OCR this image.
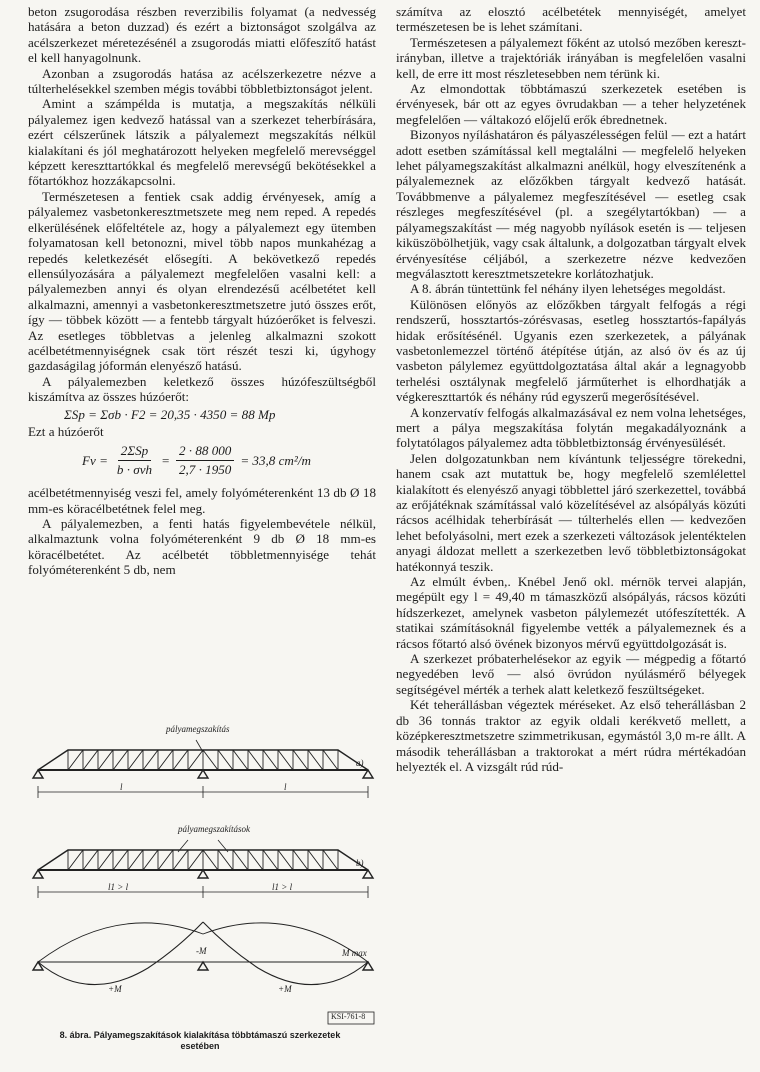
beton zsugorodása részben reverzibilis folyamat (a nedvesség hatására a beton duzzad) és ezért a biztonságot szolgálva az acélszerkezet méretezésénél a zsugorodás miatti előfeszítő hatást el kell hanyagolnunk.

Azonban a zsugorodás hatása az acélszerkezetre nézve a túlterhelésekkel szemben mégis további többletbiztonságot jelent.

Amint a számpélda is mutatja, a megszakítás nélküli pályalemez igen kedvező hatással van a szerkezet teherbírására, ezért célszerűnek látszik a pályalemezt megszakítás nélkül kialakítani és jól meghatározott helyeken megfelelő merevséggel képzett kereszttartókkal és megfelelő merevségű bekötésekkel a főtartókhoz hozzákapcsolni.

Természetesen a fentiek csak addig érvényesek, amíg a pályalemez vasbetonkeresztmetszete meg nem reped. A repedés elkerülésének előfeltétele az, hogy a pályalemezt egy ütemben folyamatosan kell betonozni, mivel több napos munkahézag a repedés keletkezését elősegíti. A bekövetkező repedés ellensúlyozására a pályalemezt megfelelően vasalni kell: a pályalemezben annyi és olyan elrendezésű acélbetétet kell alkalmazni, amennyi a vasbetonkeresztmetszetre jutó összes erőt, így — többek között — a fentebb tárgyalt húzóerőket is felveszi. Az esetleges többletvas a jelenleg alkalmazni szokott acélbetétmennyiségnek csak tört részét teszi ki, úgyhogy gazdaságilag jóformán elenyésző hatású.

A pályalemezben keletkező összes húzófeszültségből kiszámítva az összes húzóerőt:

ΣSp = Σσb · F2 = 20,35 · 4350 = 88 Mp

Ezt a húzóerőt

$Fv = \frac{\text{2ΣSp}}{\text{b · σvh}} = \frac{2 \cdot 88 000}{2,7 \cdot 1950} = 33,8$ cm²/m

acélbetétmennyiség veszi fel, amely folyóméterenként 13 db Ø 18 mm-es köracélbetétnek felel meg.

A pályalemezben, a fenti hatás figyelembevétele nélkül, alkalmaztunk volna folyóméterenként 9 db Ø 18 mm-es köracélbetétet. Az acélbetét többletmennyisége tehát folyóméterenként 5 db, nem

számítva az elosztó acélbetétek mennyiségét, amelyet természetesen be is lehet számítani.

Természetesen a pályalemezt főként az utolsó mezőben keresztirányban, illetve a trajektóriák irányában is megfelelően vasalni kell, de erre itt most részletesebben nem térünk ki.

Az elmondottak többtámaszú szerkezetek esetében is érvényesek, bár ott az egyes övrudakban — a teher helyzetének megfelelően — váltakozó előjelű erők ébrednetnek.

Bizonyos nyíláshatáron és pályaszélességen felül — ezt a határt adott esetben számítással kell megtalálni — megfelelő helyeken lehet pályamegszakítást alkalmazni anélkül, hogy elveszítenénk a pályalemeznek az előzőkben tárgyalt kedvező hatását. Továbbmenve a pályalemez megfeszítésével — esetleg csak részleges megfeszítésével (pl. a szegélytartókban) — a pályamegszakítást — még nagyobb nyílások esetén is — teljesen kiküszöbölhetjük, vagy csak általunk, a dolgozatban tárgyalt elvek érvényesítése céljából, a szerkezetre nézve kedvezően megválasztott keresztmetszetekre korlátozhatjuk.

A 8. ábrán tüntettünk fel néhány ilyen lehetséges megoldást.

Különösen előnyös az előzőkben tárgyalt felfogás a régi rendszerű, hossztartós-zórésvasas, esetleg hossztartós-fapályás hidak erősítésénél. Ugyanis ezen szerkezetek, a pályának vasbetonlemezzel történő átépítése útján, az alsó öv és az új vasbeton pálylemez együttdolgoztatása által akár a legnagyobb terhelési osztálynak megfelelő járműterhet is elhordhatják a végkereszttartók és néhány rúd egyszerű megerősítésével.

A konzervatív felfogás alkalmazásával ez nem volna lehetséges, mert a pálya megszakítása folytán megakadályoznánk a folytatólagos pályalemez adta többletbiztonság érvényesülését.

Jelen dolgozatunkban nem kívántunk teljességre törekedni, hanem csak azt mutattuk be, hogy megfelelő szemlélettel kialakított és elenyésző anyagi többlettel járó szerkezettel, továbbá az erőjátéknak számítással való közelítésével az alsópályás közúti rácsos acélhidak teherbírását — túlterhelés ellen — kedvezően lehet befolyásolni, mert ezek a szerkezeti változások jelentéktelen anyagi áldozat mellett a szerkezetben levő többletbiztonságokat hatékonnyá teszik.

Az elmúlt évben,. Knébel Jenő okl. mérnök tervei alapján, megépült egy l = 49,40 m támaszközű alsópályás, rácsos közúti hídszerkezet, amelynek vasbeton pálylemezét utófeszítették. A statikai számításoknál figyelembe vették a pályalemeznek és a rácsos főtartó alsó övének bizonyos mérvű együttdolgozását is.

A szerkezet próbaterhelésekor az egyik — mégpedig a főtartó negyedében levő — alsó övrúdon nyúlásmérő bélyegek segítségével mérték a terhek alatt keletkező feszültségeket.

Két teherállásban végeztek méréseket. Az első teherállásban 2 db 36 tonnás traktor az egyik oldali kerékvető mellett, a középkeresztmetszetre szimmetrikusan, egymástól 3,0 m-re állt. A második teherállásban a traktorokat a mért rúdra mértékadóan helyezték el. A vizsgált rúd rúd-

pályamegszakítás
l	l
a)
pályamegszakítások
l1 > l	l1 > l
b)
+M
-M
+M
M max
KSI-761-8
8. ábra. Pályamegszakítások kialakítása többtámaszú szerkezetek
esetében
